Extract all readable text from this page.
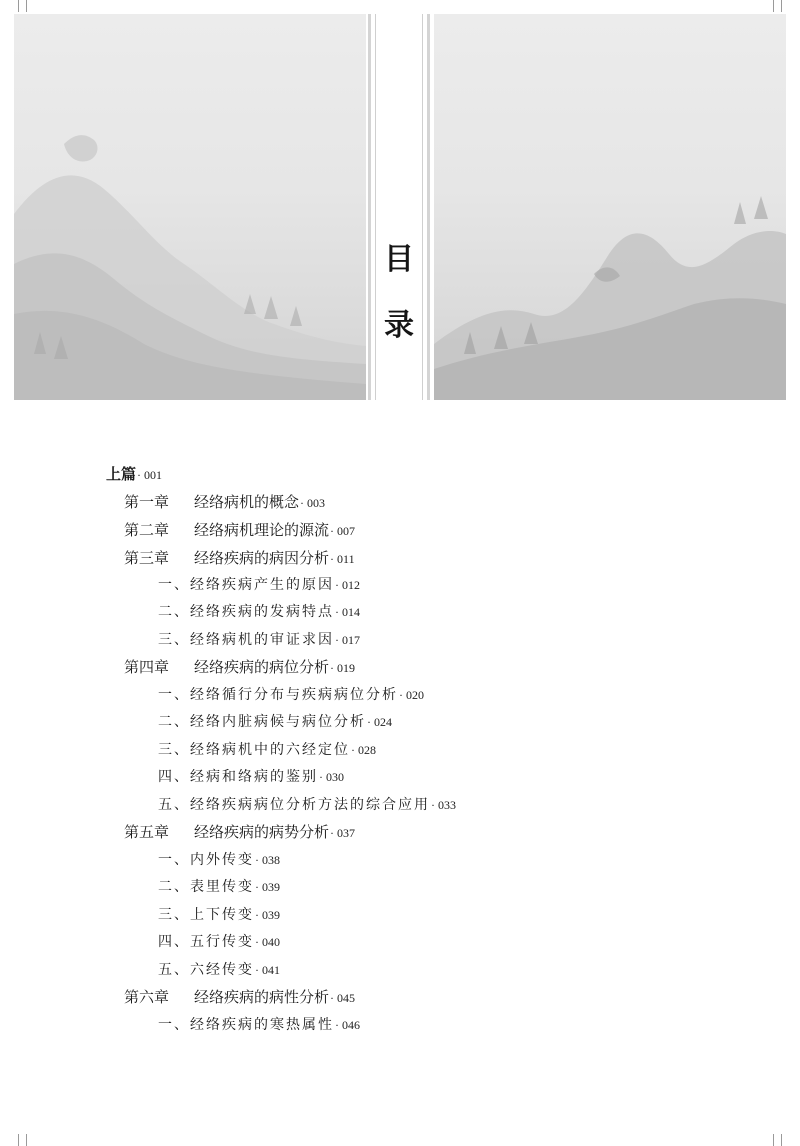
目
录
上篇· 001
第一章 经络病机的概念· 003
第二章 经络病机理论的源流· 007
第三章 经络疾病的病因分析· 011
一、经络疾病产生的原因· 012
二、经络疾病的发病特点· 014
三、经络病机的审证求因· 017
第四章 经络疾病的病位分析· 019
一、经络循行分布与疾病病位分析· 020
二、经络内脏病候与病位分析· 024
三、经络病机中的六经定位· 028
四、经病和络病的鉴别· 030
五、经络疾病病位分析方法的综合应用· 033
第五章 经络疾病的病势分析· 037
一、内外传变· 038
二、表里传变· 039
三、上下传变· 039
四、五行传变· 040
五、六经传变· 041
第六章 经络疾病的病性分析· 045
一、经络疾病的寒热属性· 046
